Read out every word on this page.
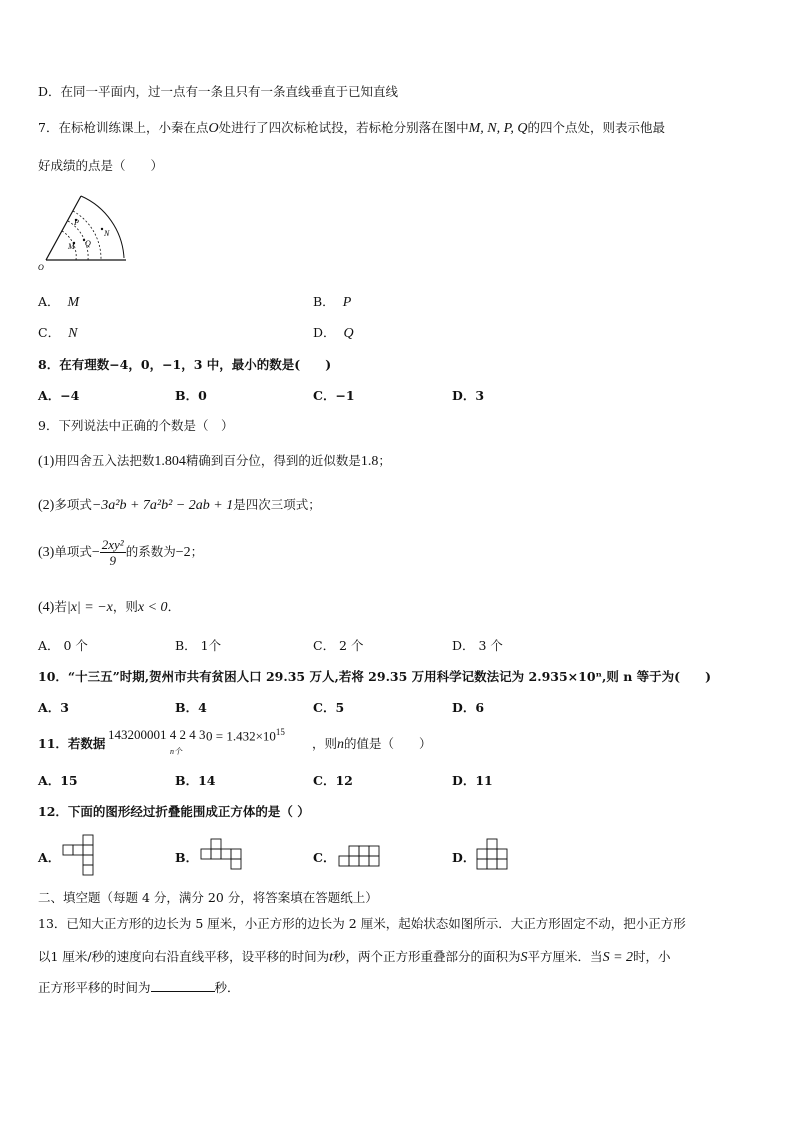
D．在同一平面内，过一点有一条且只有一条直线垂直于已知直线
7．在标枪训练课上，小秦在点O处进行了四次标枪试投，若标枪分别落在图中M, N, P, Q的四个点处，则表示他最
好成绩的点是（　　）
O
P
M Q
N
A． M	B． P
C． N	D． Q
8．在有理数−4，0，−1，3 中，最小的数是(　　)
A．−4	B．0	C．−1	D．3
9．下列说法中正确的个数是（　）
(1)用四舍五入法把数1.804精确到百分位，得到的近似数是1.8；
(2)多项式−3a²b + 7a²b² − 2ab + 1是四次三项式；
(3)单项式− $\frac{\text{2xy²}}{9}$ 的系数为−2；
(4)若|x| = −x，则x < 0．
A． 0 个	B． 1个	C． 2 个	D． 3 个
10．“十三五”时期,贺州市共有贫困人口 29.35 万人,若将 29.35 万用科学记数法记为 2.935×10ⁿ,则 n 等于为(　　)
A．3	B．4	C．5	D．6
11．若数据
143200001 4 2 4 3 $0 = 1.432\times 10^{15}$
n个
，则n的值是（　　）
A．15	B．14	C．12	D．11
12．下面的图形经过折叠能围成正方体的是（ ）
A．	B．	C．	D．
二、填空题（每题 4 分，满分 20 分，将答案填在答题纸上）
13．已知大正方形的边长为 5 厘米，小正方形的边长为 2 厘米，起始状态如图所示．大正方形固定不动，把小正方形
以1 厘米/秒的速度向右沿直线平移，设平移的时间为t秒，两个正方形重叠部分的面积为S平方厘米．当S = 2时，小
正方形平移的时间为	秒．
